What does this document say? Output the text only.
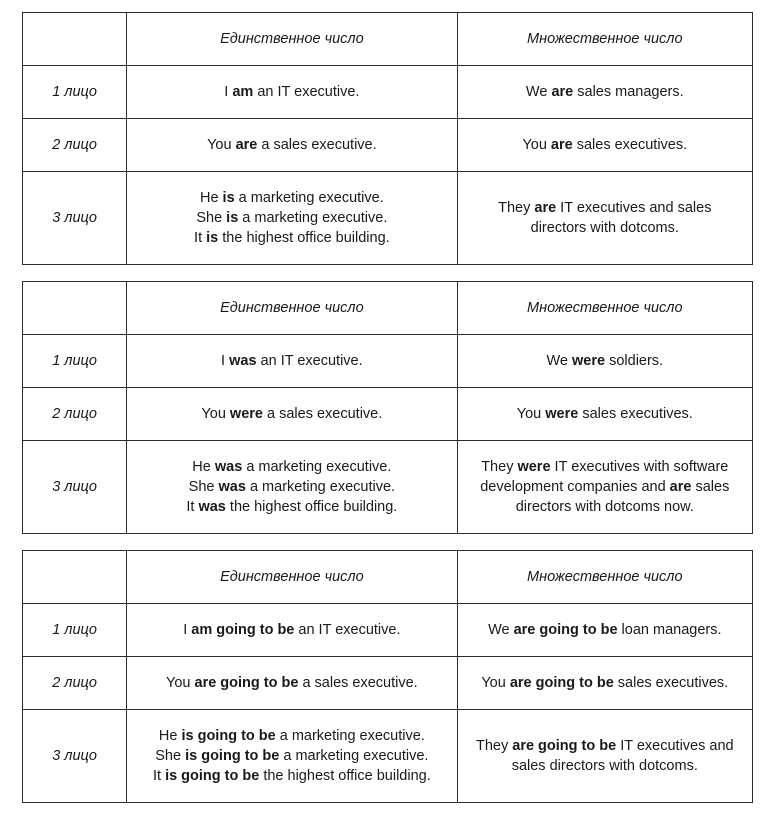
	Единственное число	Множественное число
1 лицо	I am an IT executive.	We are sales managers.

2 лицо	You are a sales executive.	You are sales executives.

3 лицо	He is a marketing executive.
She is a marketing executive.
It is the highest office building.	They are IT executives and sales
directors with dotcoms.
	Единственное число	Множественное число
1 лицо	I was an IT executive.	We were soldiers.

2 лицо	You were a sales executive.	You were sales executives.

3 лицо	He was a marketing executive.
She was a marketing executive.
It was the highest office building.	They were IT executives with software
development companies and are sales
directors with dotcoms now.
	Единственное число	Множественное число
1 лицо	I am going to be an IT executive.	We are going to be loan managers.

2 лицо	You are going to be a sales executive.	You are going to be sales executives.

3 лицо	He is going to be a marketing executive.
She is going to be a marketing executive.
It is going to be the highest office building.	They are going to be IT executives and
sales directors with dotcoms.
